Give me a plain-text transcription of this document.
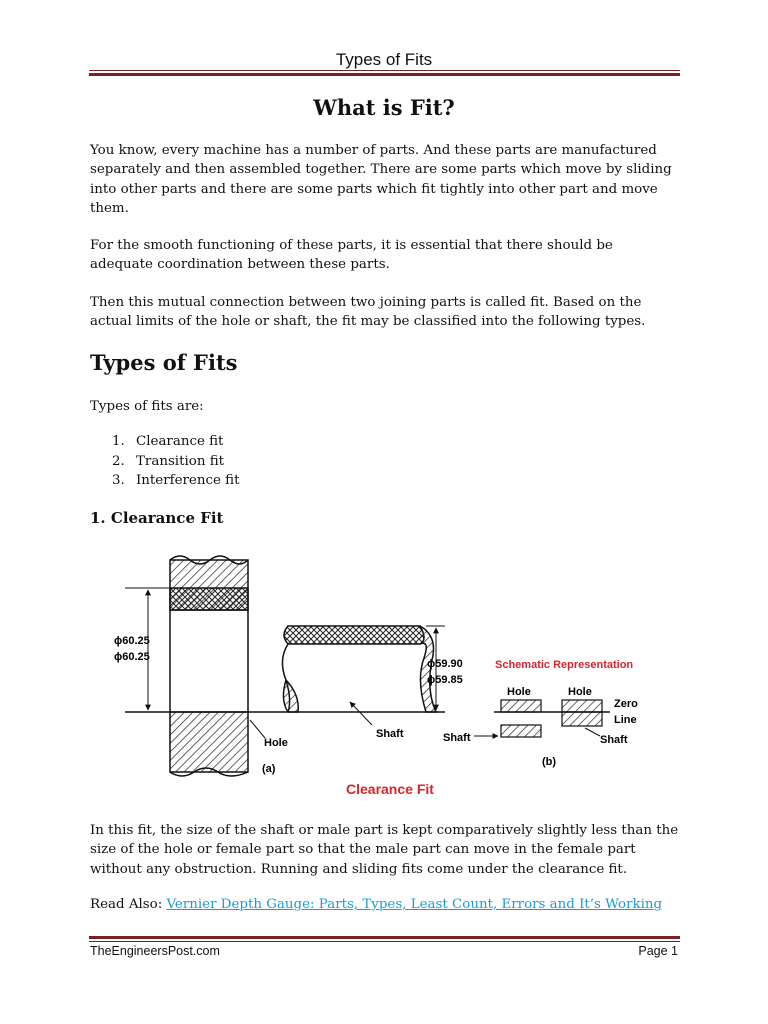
Types of Fits
What is Fit?

You know, every machine has a number of parts. And these parts are manufactured separately and then assembled together. There are some parts which move by sliding into other parts and there are some parts which fit tightly into other part and move them.

For the smooth functioning of these parts, it is essential that there should be adequate coordination between these parts.

Then this mutual connection between two joining parts is called fit. Based on the actual limits of the hole or shaft, the fit may be classified into the following types.

Types of Fits

Types of fits are:

1. Clearance fit
2. Transition fit
3. Interference fit
1. Clearance Fit
ϕ60.25
ϕ60.25
Hole
ϕ59.90
ϕ59.85
Shaft
(a)
Schematic Representation
Hole	Hole
Zero
Line
Shaft	Shaft
(b)
Clearance Fit

In this fit, the size of the shaft or male part is kept comparatively slightly less than the size of the hole or female part so that the male part can move in the female part without any obstruction. Running and sliding fits come under the clearance fit.

Read Also: Vernier Depth Gauge: Parts, Types, Least Count, Errors and It’s Working
TheEngineersPost.com	Page 1
